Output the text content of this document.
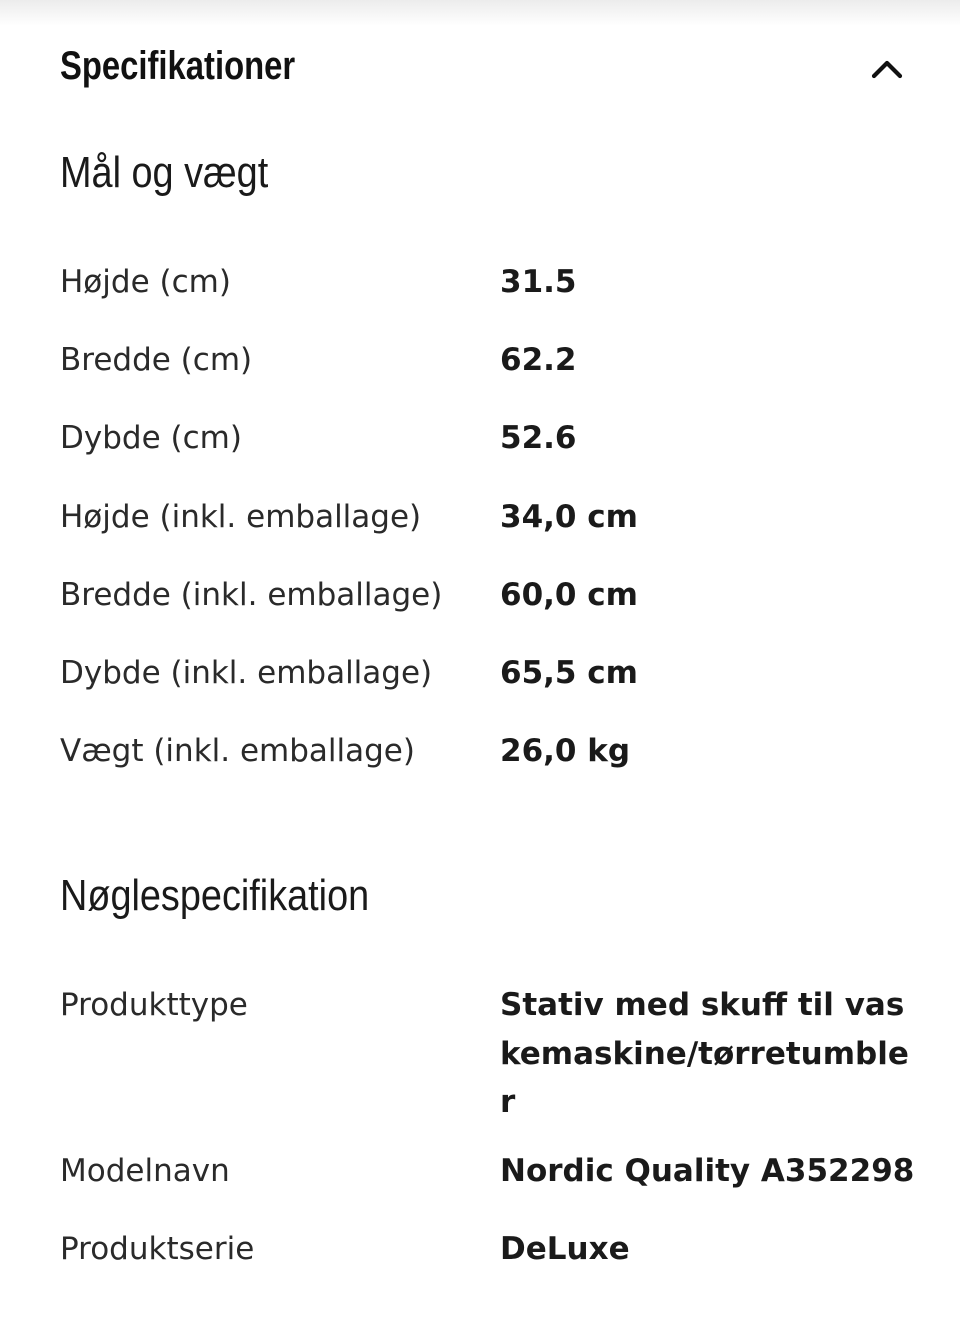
Specifikationer
Mål og vægt
Højde (cm)	31.5
Bredde (cm)	62.2
Dybde (cm)	52.6
Højde (inkl. emballage)	34,0 cm
Bredde (inkl. emballage)	60,0 cm
Dybde (inkl. emballage)	65,5 cm
Vægt (inkl. emballage)	26,0 kg
Nøglespecifikation
Produkttype	Stativ med skuff til vaskemaskine/tørretumbler
Modelnavn	Nordic Quality A352298
Produktserie	DeLuxe
